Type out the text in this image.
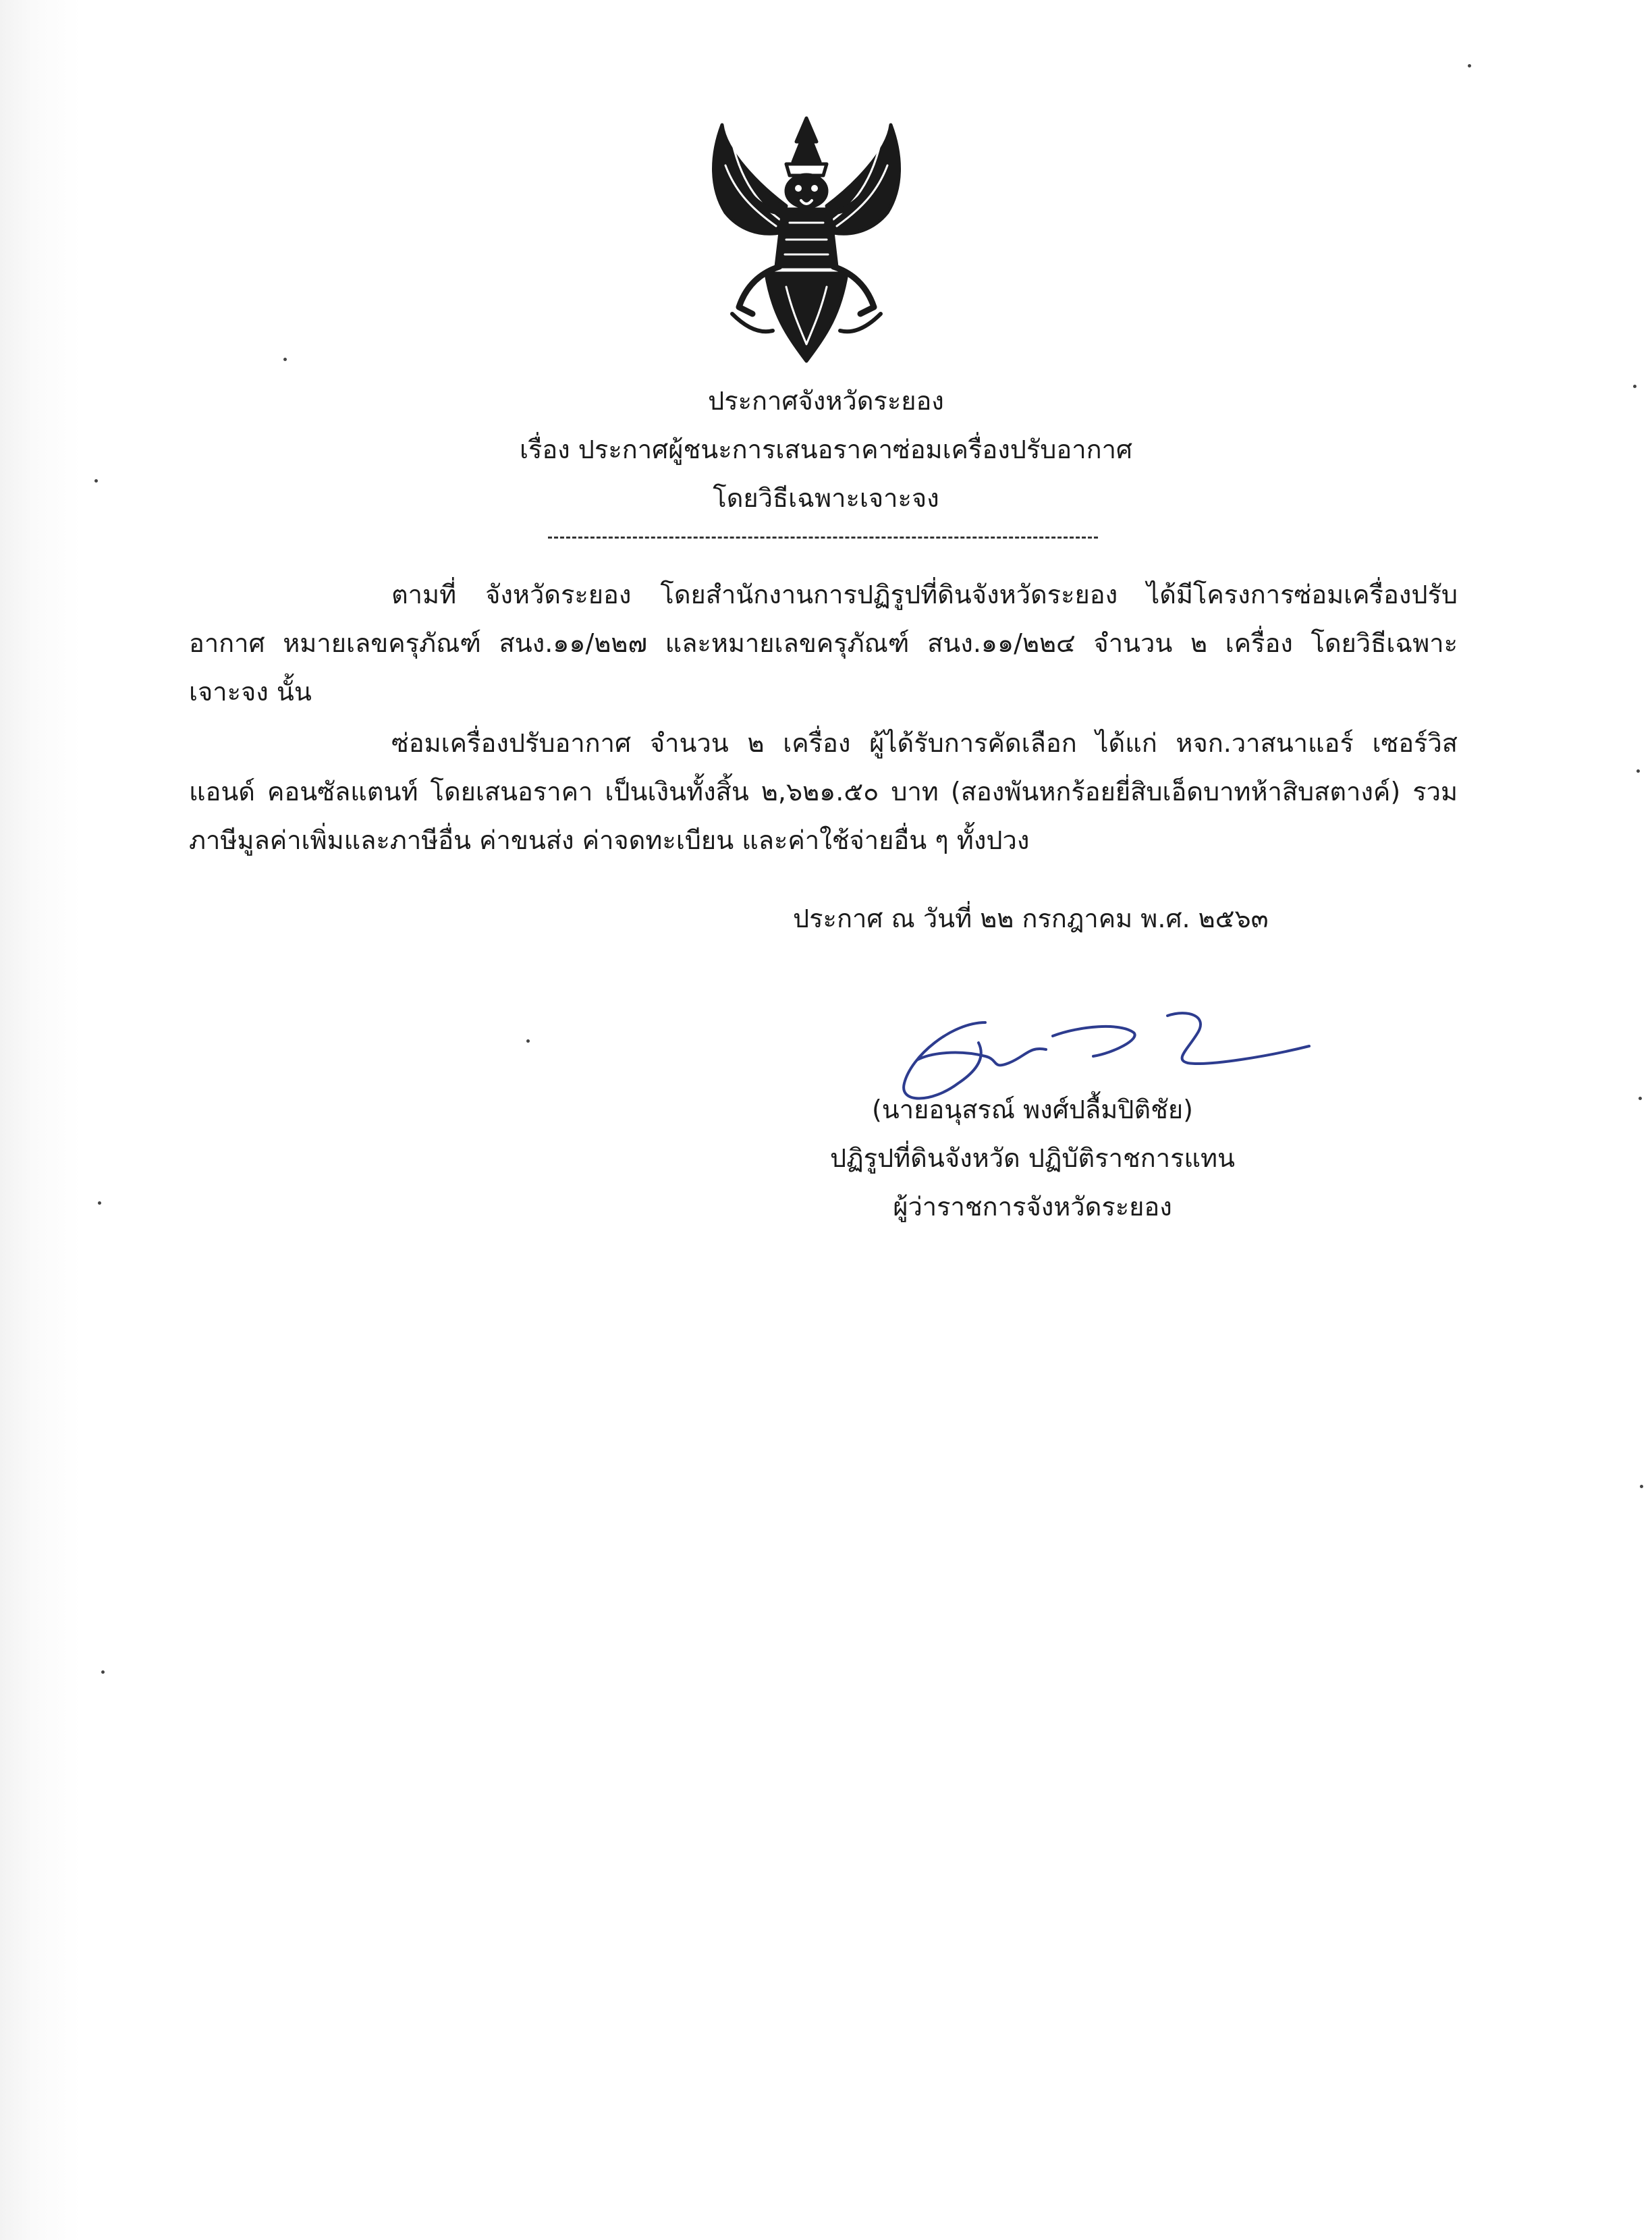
ประกาศจังหวัดระยอง
เรื่อง ประกาศผู้ชนะการเสนอราคาซ่อมเครื่องปรับอากาศ
โดยวิธีเฉพาะเจาะจง
ตามที่ จังหวัดระยอง โดยสำนักงานการปฏิรูปที่ดินจังหวัดระยอง ได้มีโครงการซ่อมเครื่องปรับอากาศ หมายเลขครุภัณฑ์ สนง.๑๑/๒๒๗ และหมายเลขครุภัณฑ์ สนง.๑๑/๒๒๔ จำนวน ๒ เครื่อง โดยวิธีเฉพาะเจาะจง นั้น
ซ่อมเครื่องปรับอากาศ จำนวน ๒ เครื่อง ผู้ได้รับการคัดเลือก ได้แก่ หจก.วาสนาแอร์ เซอร์วิส แอนด์ คอนซัลแตนท์ โดยเสนอราคา เป็นเงินทั้งสิ้น ๒,๖๒๑.๕๐ บาท (สองพันหกร้อยยี่สิบเอ็ดบาทห้าสิบสตางค์) รวมภาษีมูลค่าเพิ่มและภาษีอื่น ค่าขนส่ง ค่าจดทะเบียน และค่าใช้จ่ายอื่น ๆ ทั้งปวง
ประกาศ ณ วันที่ ๒๒ กรกฎาคม พ.ศ. ๒๕๖๓
(นายอนุสรณ์ พงศ์ปลื้มปิติชัย)
ปฏิรูปที่ดินจังหวัด ปฏิบัติราชการแทน
ผู้ว่าราชการจังหวัดระยอง
